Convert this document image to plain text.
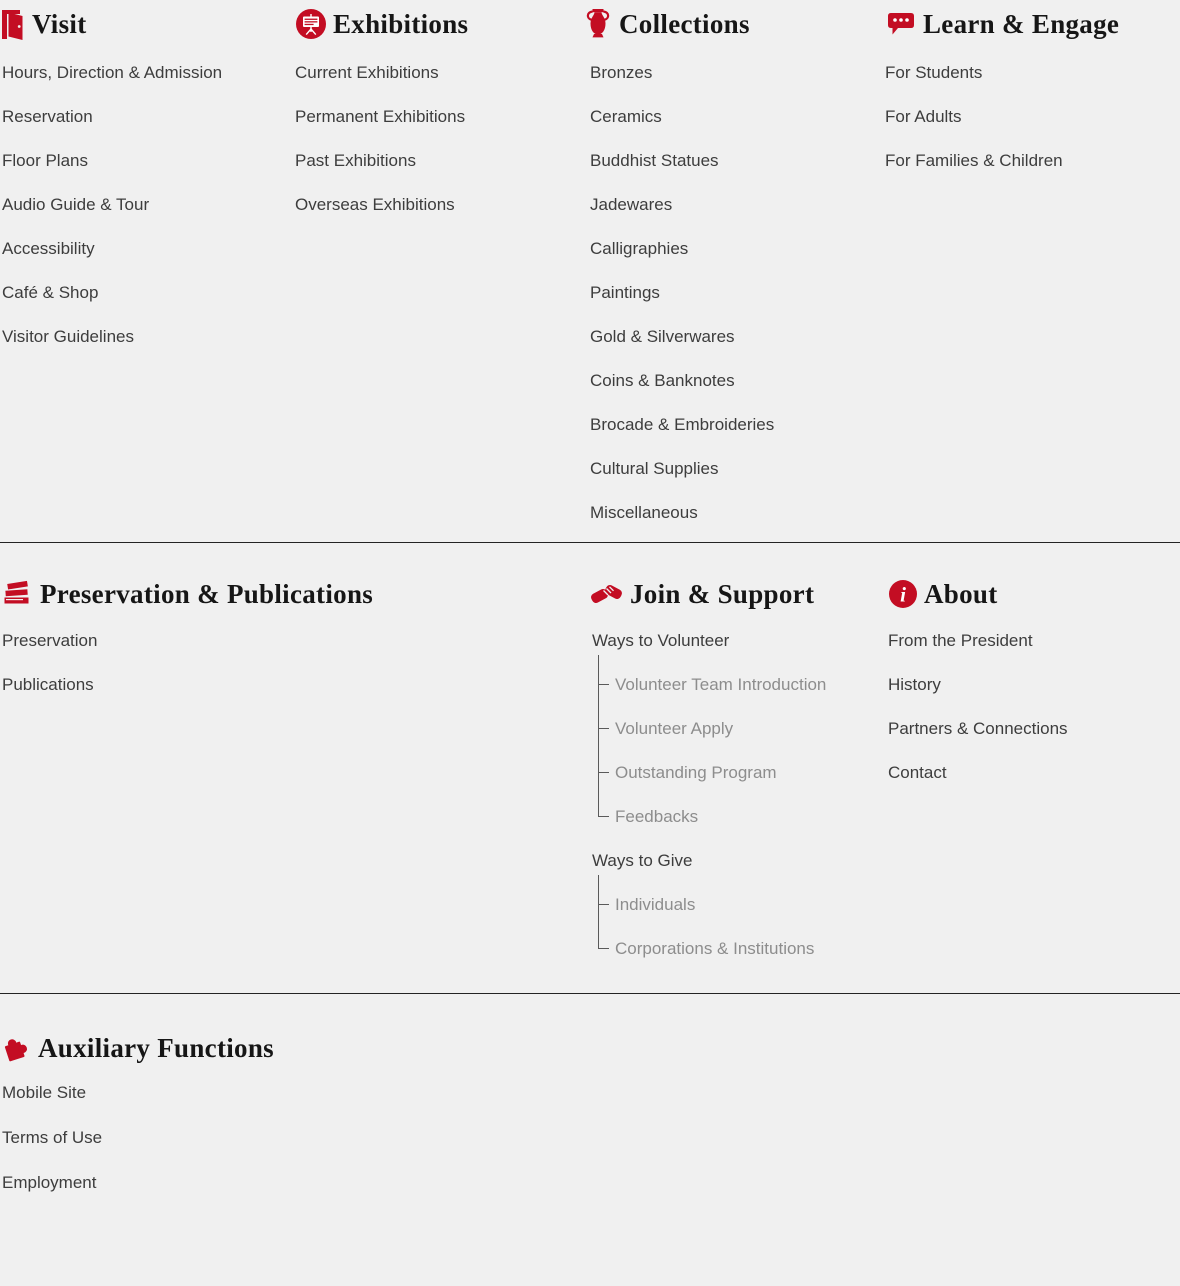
Visit
Hours, Direction & Admission
Reservation
Floor Plans
Audio Guide & Tour
Accessibility
Café & Shop
Visitor Guidelines
Exhibitions
Current Exhibitions
Permanent Exhibitions
Past Exhibitions
Overseas Exhibitions
Collections
Bronzes
Ceramics
Buddhist Statues
Jadewares
Calligraphies
Paintings
Gold & Silverwares
Coins & Banknotes
Brocade & Embroideries
Cultural Supplies
Miscellaneous
Learn & Engage
For Students
For Adults
For Families & Children
Preservation & Publications
Preservation
Publications
Join & Support
Ways to Volunteer
Volunteer Team Introduction
Volunteer Apply
Outstanding Program
Feedbacks
Ways to Give
Individuals
Corporations & Institutions
i About
From the President
History
Partners & Connections
Contact
Auxiliary Functions
Mobile Site
Terms of Use
Employment
